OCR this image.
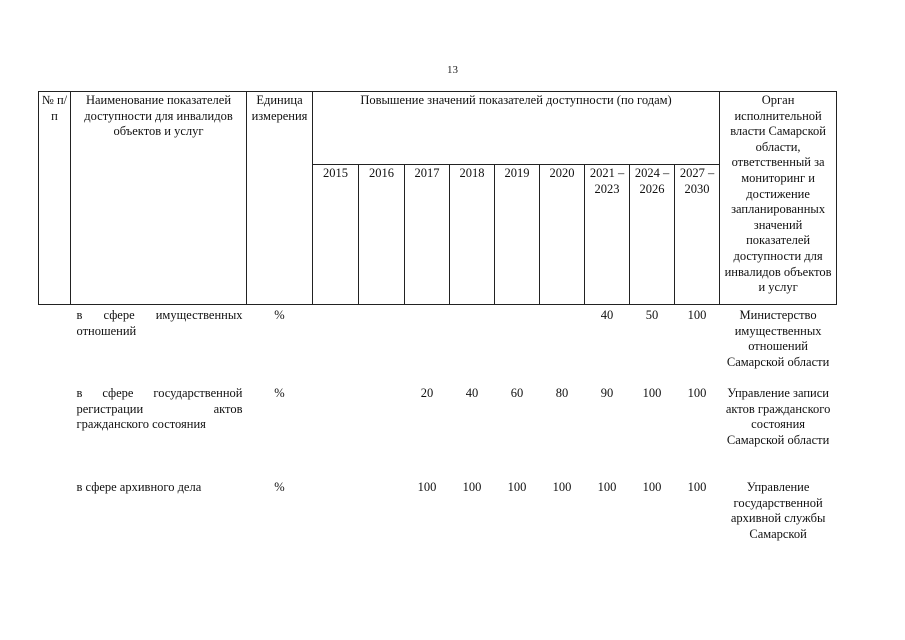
13
№ п/п	Наименование показателей доступности для инвалидов объектов и услуг	Единица измерения	Повышение значений показателей доступности (по годам)									Орган исполнительной власти Самарской области, ответственный за мониторинг и достижение запланированных значений показателей доступности для инвалидов объектов и услуг
			2015	2016	2017	2018	2019	2020	2021 – 2023	2024 – 2026	2027 – 2030	
	в сфере имущественных отношений	%							40	50	100	Министерство имущественных отношений Самарской области
	в сфере государственной регистрации актов гражданского состояния	%			20	40	60	80	90	100	100	Управление записи актов гражданского состояния Самарской области
	в сфере архивного дела	%			100	100	100	100	100	100	100	Управление государственной архивной службы Самарской
